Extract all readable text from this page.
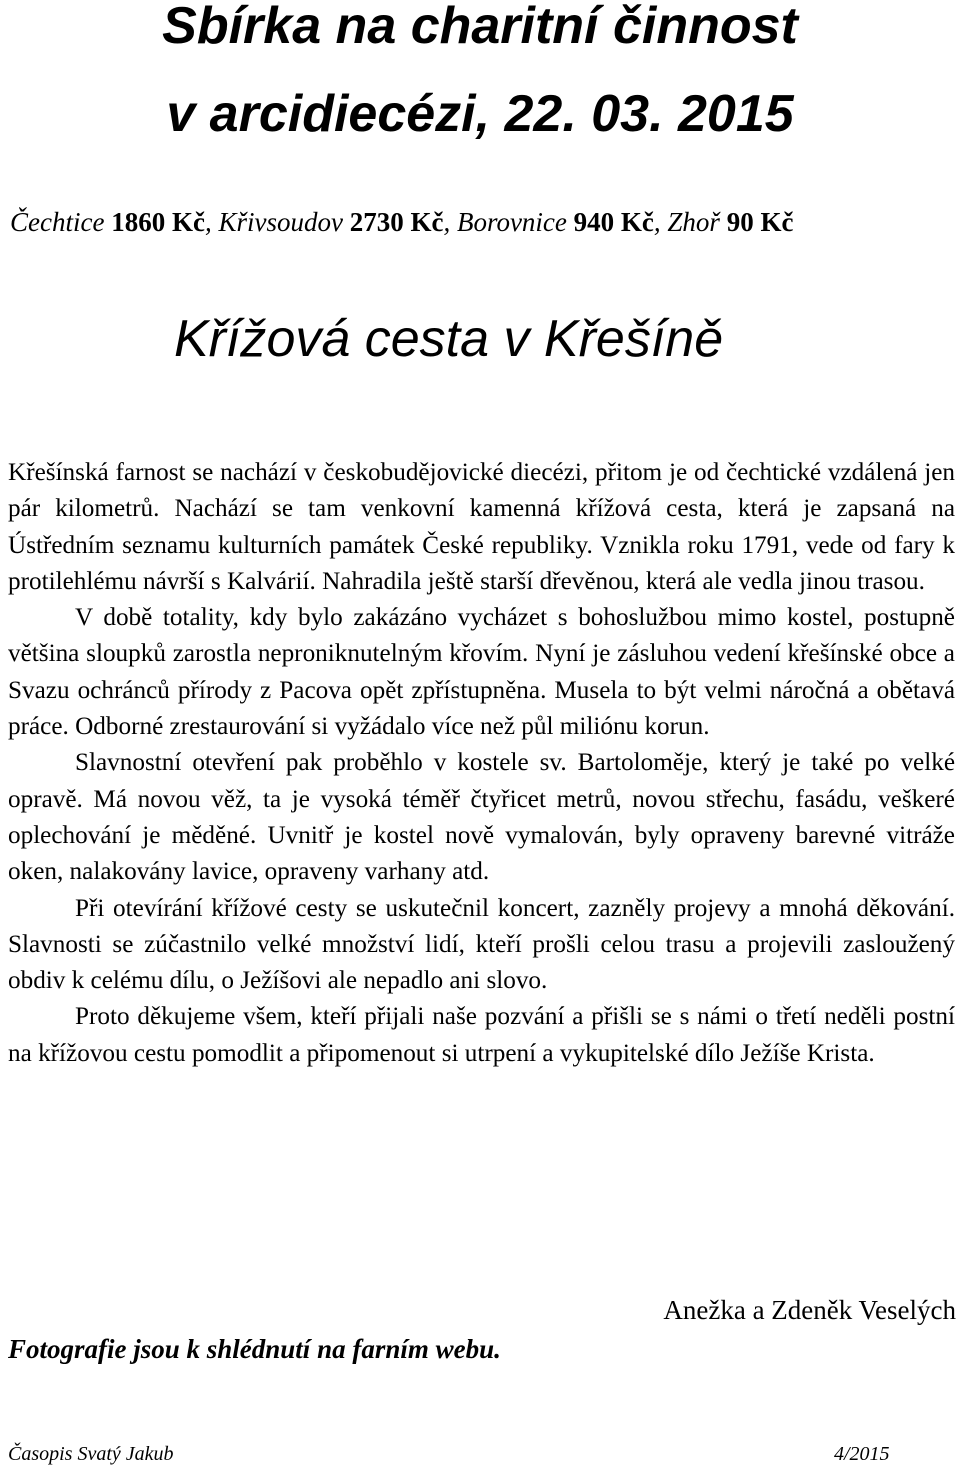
Sbírka na charitní činnost
v arcidiecézi, 22. 03. 2015
Čechtice 1860 Kč, Křivsoudov 2730 Kč, Borovnice 940 Kč, Zhoř 90 Kč
Křížová cesta v Křešíně

Křešínská farnost se nachází v českobudějovické diecézi, přitom je od čechtické vzdálená jen pár kilometrů. Nachází se tam venkovní kamenná křížová cesta, která je zapsaná na Ústředním seznamu kulturních památek České republiky. Vznikla roku 1791, vede od fary k protilehlému návrší s Kalvárií. Nahradila ještě starší dřevěnou, která ale vedla jinou trasou.

V době totality, kdy bylo zakázáno vycházet s bohoslužbou mimo kostel, postupně většina sloupků zarostla neproniknutelným křovím. Nyní je zásluhou vedení křešínské obce a Svazu ochránců přírody z Pacova opět zpřístupněna. Musela to být velmi náročná a obětavá práce. Odborné zrestaurování si vyžádalo více než půl miliónu korun.

Slavnostní otevření pak proběhlo v kostele sv. Bartoloměje, který je také po velké opravě. Má novou věž, ta je vysoká téměř čtyřicet metrů, novou střechu, fasádu, veškeré oplechování je měděné. Uvnitř je kostel nově vymalován, byly opraveny barevné vitráže oken, nalakovány lavice, opraveny varhany atd.

Při otevírání křížové cesty se uskutečnil koncert, zazněly projevy a mnohá děkování. Slavnosti se zúčastnilo velké množství lidí, kteří prošli celou trasu a projevili zasloužený obdiv k celému dílu, o Ježíšovi ale nepadlo ani slovo.

Proto děkujeme všem, kteří přijali naše pozvání a přišli se s námi o třetí neděli postní na křížovou cestu pomodlit a připomenout si utrpení a vykupitelské dílo Ježíše Krista.

Anežka a Zdeněk Veselých
Fotografie jsou k shlédnutí na farním webu.
Časopis Svatý Jakub	4/2015
